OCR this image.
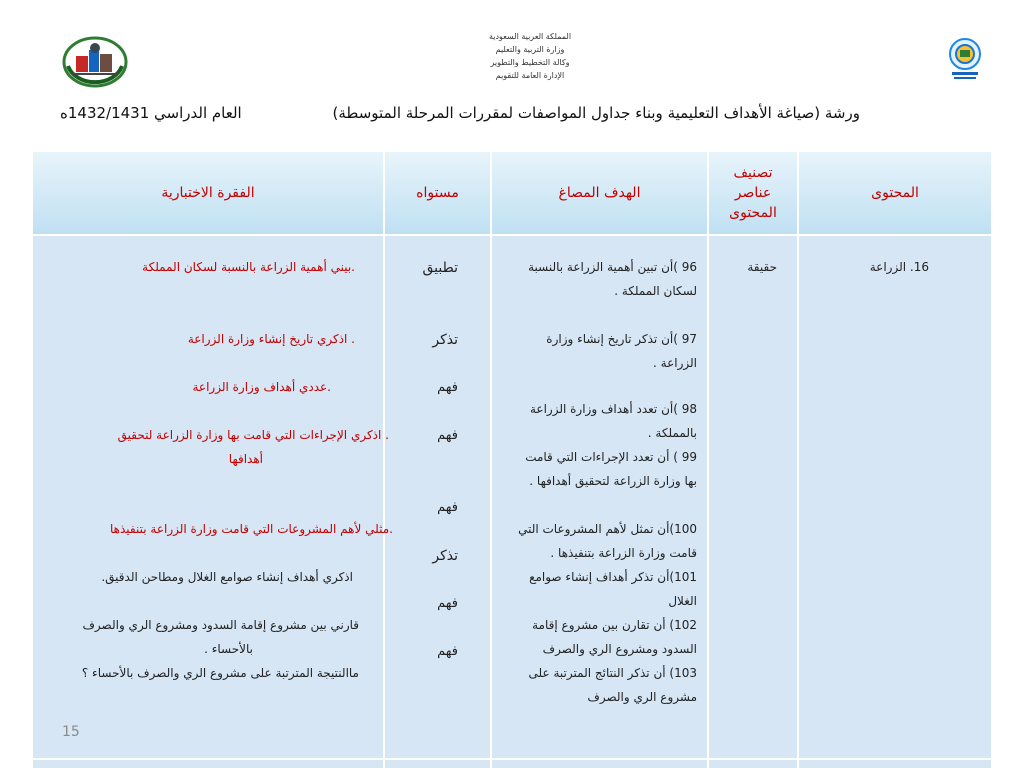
المملكة العربية السعودية
وزارة التربية والتعليم
وكالة التخطيط والتطوير
الإدارة العامة للتقويم
ورشة (صياغة الأهداف التعليمية وبناء جداول المواصفات لمقررات المرحلة المتوسطة)
العام الدراسي 1432/1431ه
المحتوى
تصنيف عناصر المحتوى
الهدف المصاغ
مستواه
الفقرة الاختبارية
16. الزراعة
حقيقة
96 )أن تبين أهمية الزراعة بالنسبة
لسكان المملكة .
97 )أن تذكر تاريخ إنشاء وزارة
الزراعة .
98 )أن تعدد أهداف وزارة الزراعة
بالمملكة .
99 ) أن تعدد الإجراءات التي قامت
بها وزارة الزراعة لتحقيق أهدافها .
100)أن تمثل لأهم المشروعات التي
قامت وزارة الزراعة بتنفيذها .
101)أن تذكر أهداف إنشاء صوامع
الغلال
102) أن تقارن بين مشروع إقامة
السدود ومشروع الري والصرف
103) أن تذكر النتائج المترتبة على
مشروع الري والصرف
تطبيق
تذكر
فهم
فهم
فهم
تذكر
فهم
فهم
.بيني أهمية الزراعة بالنسبة لسكان المملكة
. اذكري تاريخ إنشاء وزارة الزراعة
.عددي أهداف وزارة الزراعة
. اذكري الإجراءات التي قامت بها وزارة الزراعة لتحقيق
أهدافها
.مثلي لأهم المشروعات التي قامت وزارة الزراعة بتنفيذها
اذكري أهداف إنشاء صوامع الغلال ومطاحن الدقيق.
قارني بين مشروع إقامة السدود ومشروع الري والصرف
بالأحساء .
ماالنتيجة المترتبة على مشروع الري والصرف بالأحساء ؟
15
